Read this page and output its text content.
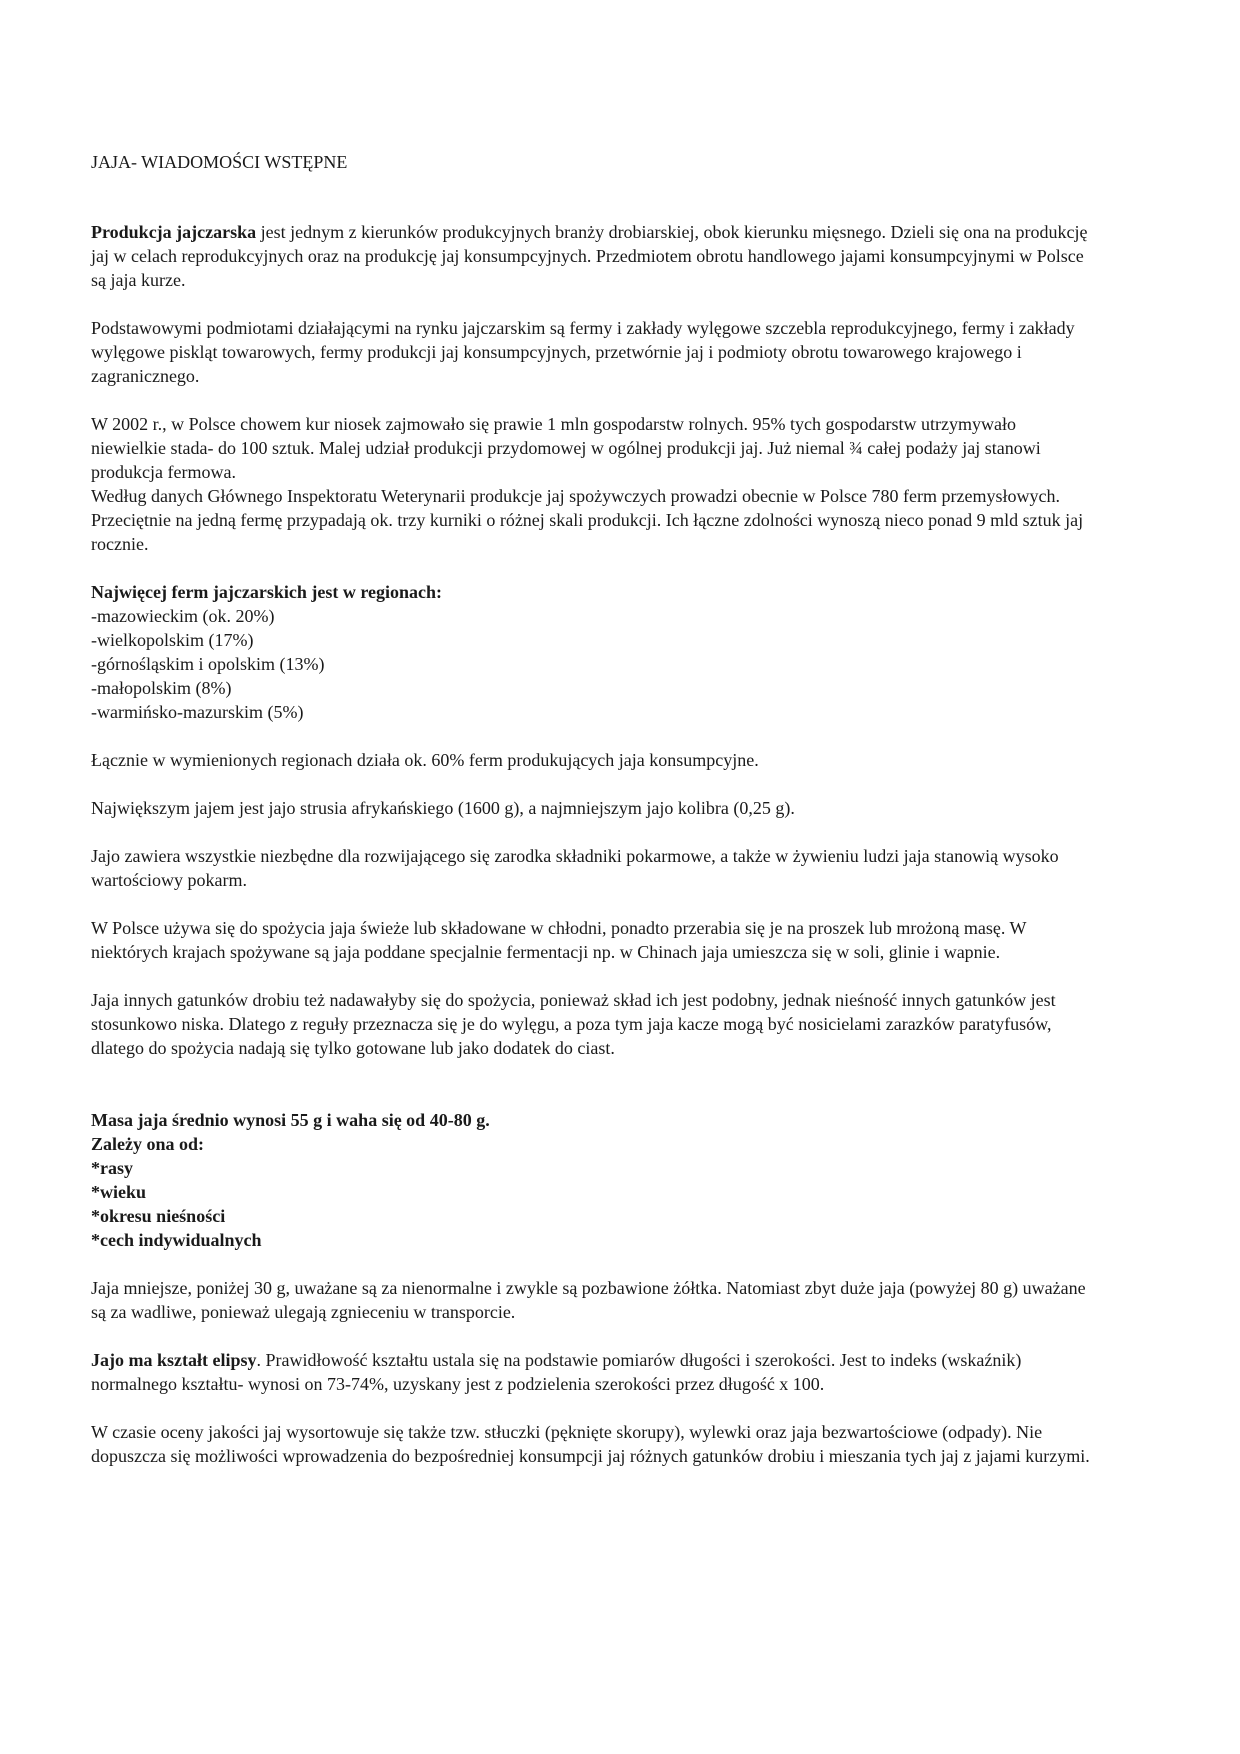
JAJA- WIADOMOŚCI WSTĘPNE

Produkcja jajczarska jest jednym z kierunków produkcyjnych branży drobiarskiej, obok kierunku mięsnego. Dzieli się ona na produkcję jaj w celach reprodukcyjnych oraz na produkcję jaj konsumpcyjnych. Przedmiotem obrotu handlowego jajami konsumpcyjnymi w Polsce są jaja kurze.

Podstawowymi podmiotami działającymi na rynku jajczarskim są fermy i zakłady wylęgowe szczebla reprodukcyjnego, fermy i zakłady wylęgowe piskląt towarowych, fermy produkcji jaj konsumpcyjnych, przetwórnie jaj i podmioty obrotu towarowego krajowego i zagranicznego.

W 2002 r., w Polsce chowem kur niosek zajmowało się prawie 1 mln gospodarstw rolnych. 95% tych gospodarstw utrzymywało niewielkie stada- do 100 sztuk. Malej udział produkcji przydomowej w ogólnej produkcji jaj. Już niemal ¾ całej podaży jaj stanowi produkcja fermowa.

Według danych Głównego Inspektoratu Weterynarii produkcje jaj spożywczych prowadzi obecnie w Polsce 780 ferm przemysłowych. Przeciętnie na jedną fermę przypadają ok. trzy kurniki o różnej skali produkcji. Ich łączne zdolności wynoszą nieco ponad 9 mld sztuk jaj rocznie.

Najwięcej ferm jajczarskich jest w regionach:
-mazowieckim (ok. 20%)
-wielkopolskim (17%)
-górnośląskim i opolskim (13%)
-małopolskim (8%)
-warmińsko-mazurskim (5%)

Łącznie w wymienionych regionach działa ok. 60% ferm produkujących jaja konsumpcyjne.

Największym jajem jest jajo strusia afrykańskiego (1600 g), a najmniejszym jajo kolibra (0,25 g).

Jajo zawiera wszystkie niezbędne dla rozwijającego się zarodka składniki pokarmowe, a także w żywieniu ludzi jaja stanowią wysoko wartościowy pokarm.

W Polsce używa się do spożycia jaja świeże lub składowane w chłodni, ponadto przerabia się je na proszek lub mrożoną masę. W niektórych krajach spożywane są jaja poddane specjalnie fermentacji np. w Chinach jaja umieszcza się w soli, glinie i wapnie.

Jaja innych gatunków drobiu też nadawałyby się do spożycia, ponieważ skład ich jest podobny, jednak nieśność innych gatunków jest stosunkowo niska. Dlatego z reguły przeznacza się je do wylęgu, a poza tym jaja kacze mogą być nosicielami zarazków paratyfusów, dlatego do spożycia nadają się tylko gotowane lub jako dodatek do ciast.

Masa jaja średnio wynosi 55 g i waha się od 40-80 g.
Zależy ona od:
*rasy
*wieku
*okresu nieśności
*cech indywidualnych

Jaja mniejsze, poniżej 30 g, uważane są za nienormalne i zwykle są pozbawione żółtka. Natomiast zbyt duże jaja (powyżej 80 g) uważane są za wadliwe, ponieważ ulegają zgnieceniu w transporcie.

Jajo ma kształt elipsy. Prawidłowość kształtu ustala się na podstawie pomiarów długości i szerokości. Jest to indeks (wskaźnik) normalnego kształtu- wynosi on 73-74%, uzyskany jest z podzielenia szerokości przez długość x 100.

W czasie oceny jakości jaj wysortowuje się także tzw. stłuczki (pęknięte skorupy), wylewki oraz jaja bezwartościowe (odpady). Nie dopuszcza się możliwości wprowadzenia do bezpośredniej konsumpcji jaj różnych gatunków drobiu i mieszania tych jaj z jajami kurzymi.
